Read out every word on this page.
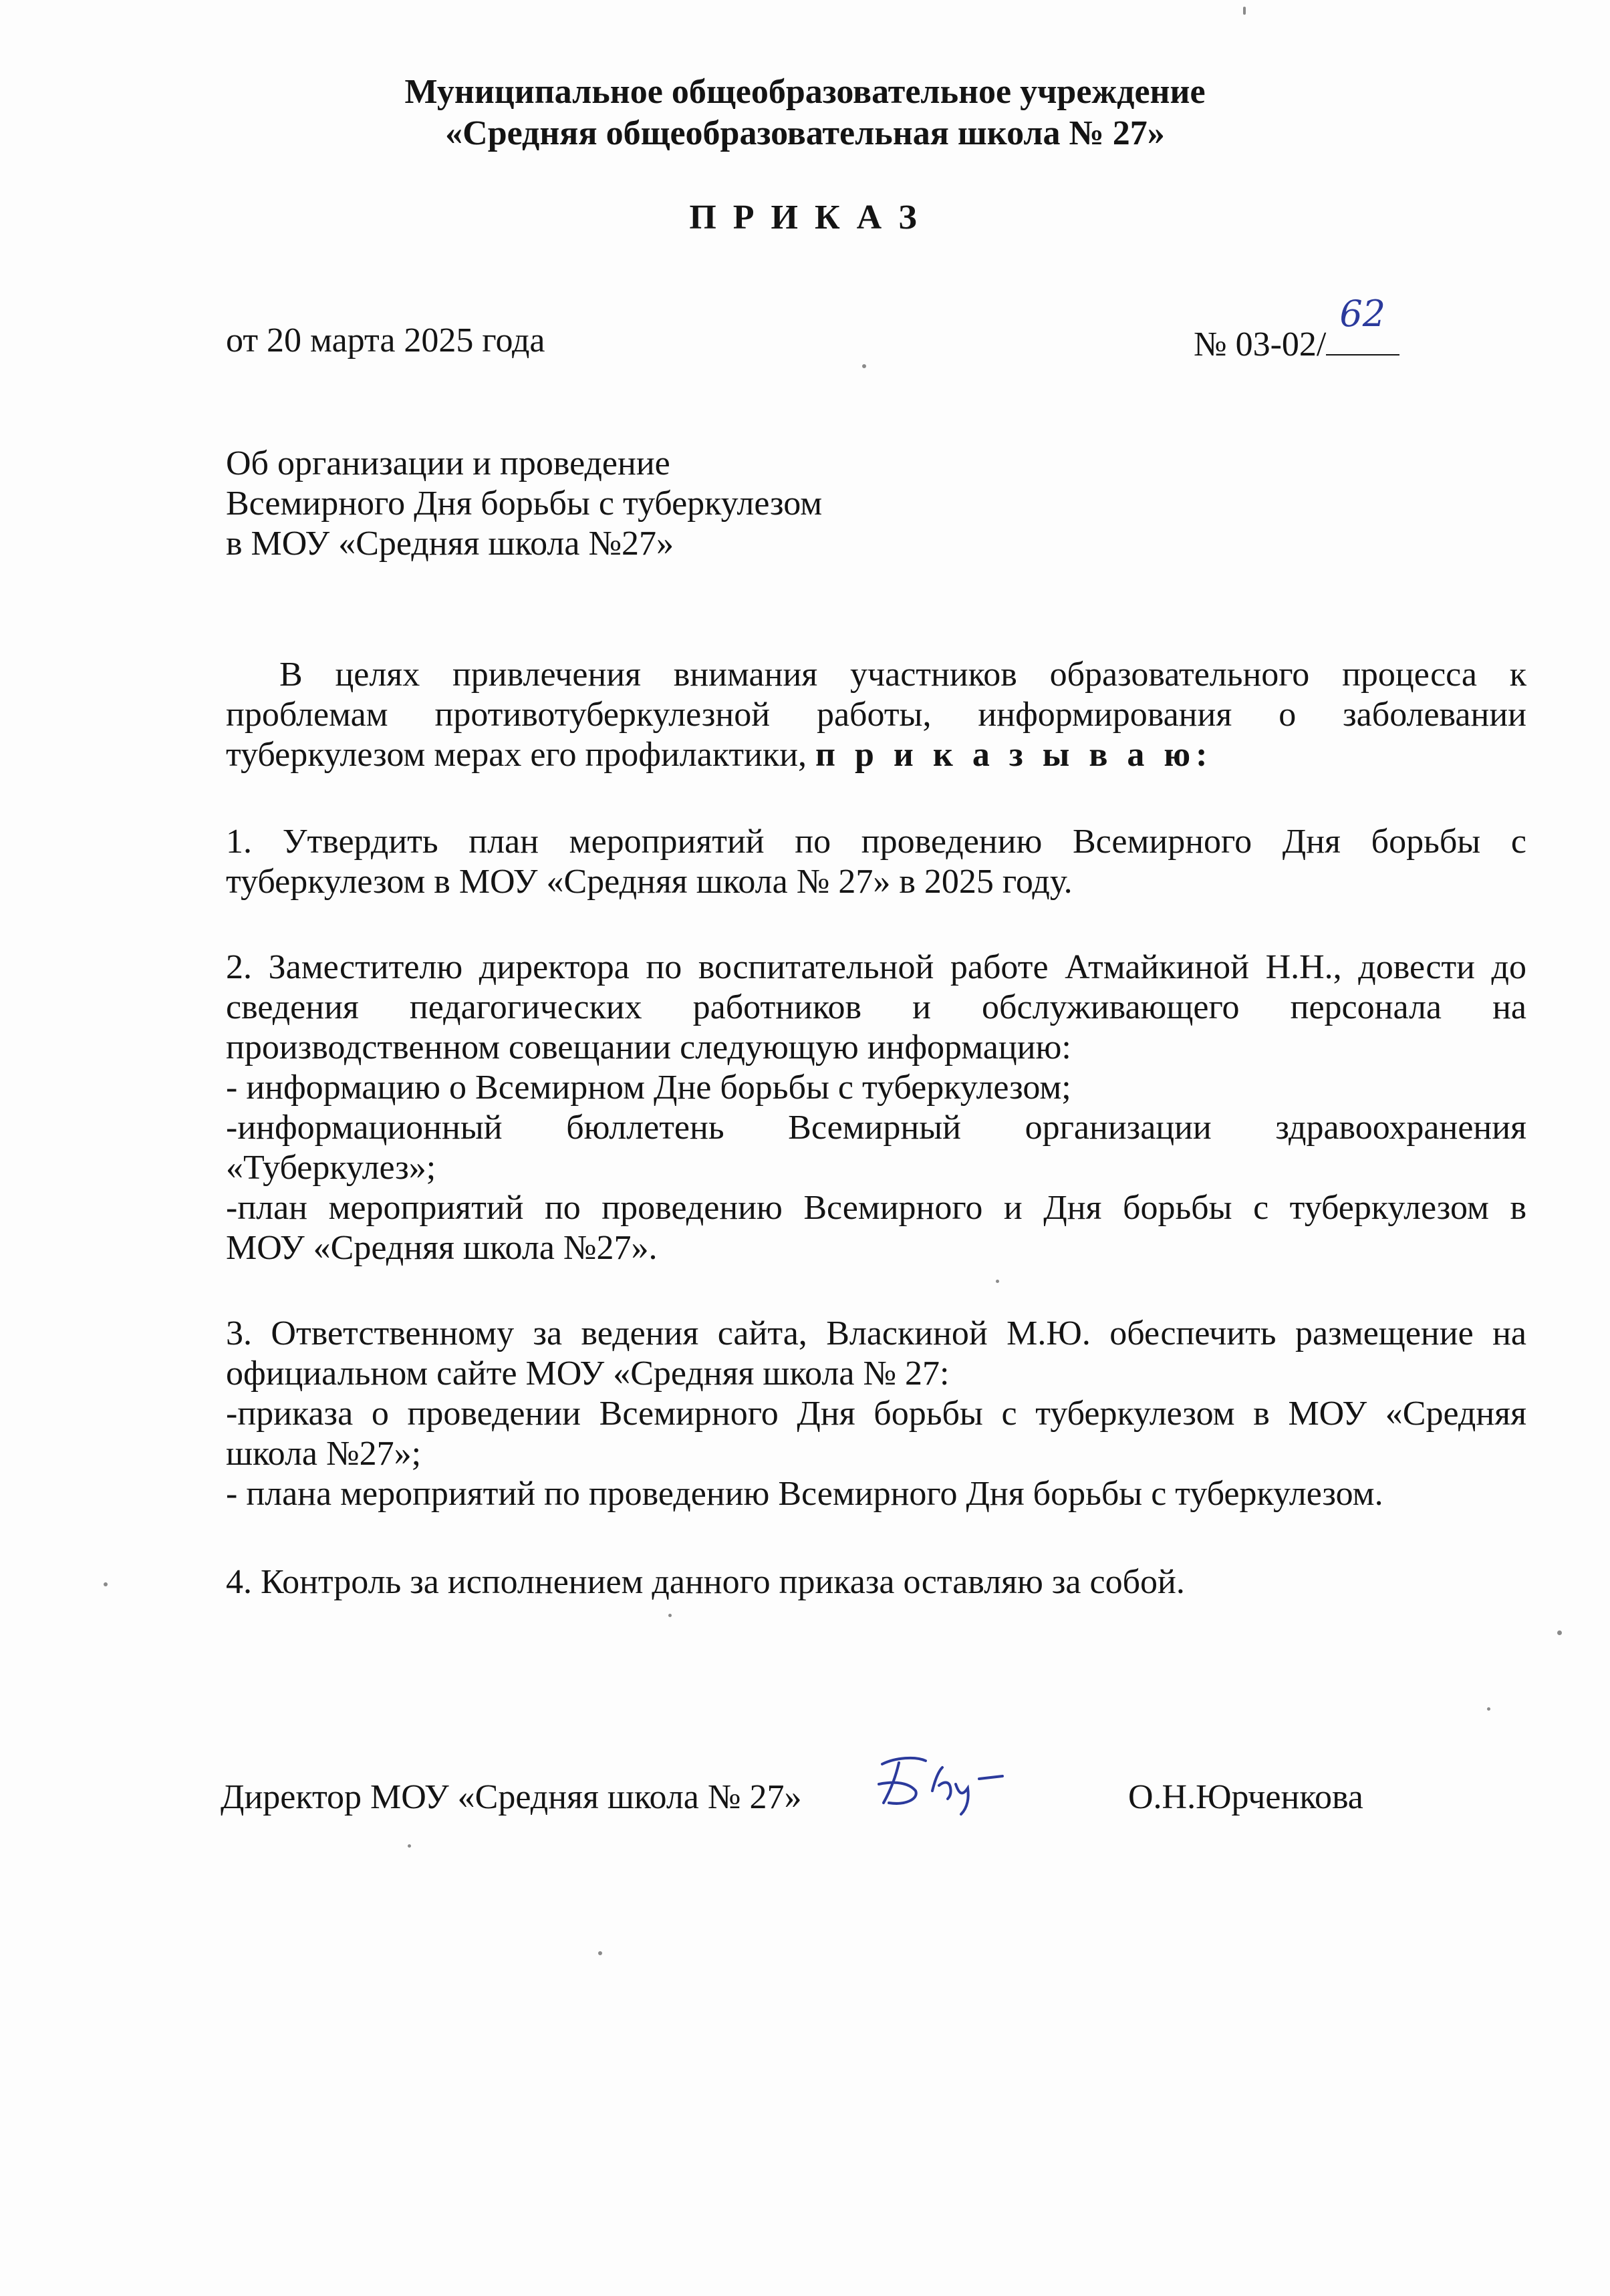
Муниципальное общеобразовательное учреждение
«Средняя общеобразовательная школа № 27»
П Р И К А З
от 20 марта 2025 года	№ 03-02/
62
Об организации и проведение
Всемирного Дня борьбы с туберкулезом
в МОУ «Средняя школа №27»
В целях привлечения внимания участников образовательного процесса к
проблемам противотуберкулезной работы, информирования о заболевании
туберкулезом мерах его профилактики, п р и к а з ы в а ю:
1. Утвердить план мероприятий по проведению Всемирного Дня борьбы с
туберкулезом в МОУ «Средняя школа № 27» в 2025 году.
2. Заместителю директора по воспитательной работе Атмайкиной Н.Н., довести до
сведения педагогических работников и обслуживающего персонала на
производственном совещании следующую информацию:
- информацию о Всемирном Дне борьбы с туберкулезом;
-информационный бюллетень Всемирный организации здравоохранения
«Туберкулез»;
-план мероприятий по проведению Всемирного и Дня борьбы с туберкулезом в
МОУ «Средняя школа №27».
3. Ответственному за ведения сайта, Власкиной М.Ю. обеспечить размещение на
официальном сайте МОУ «Средняя школа № 27:
-приказа о проведении Всемирного Дня борьбы с туберкулезом в МОУ «Средняя
школа №27»;
- плана мероприятий по проведению Всемирного Дня борьбы с туберкулезом.
4. Контроль за исполнением данного приказа оставляю за собой.
Директор МОУ «Средняя школа № 27»	О.Н.Юрченкова
